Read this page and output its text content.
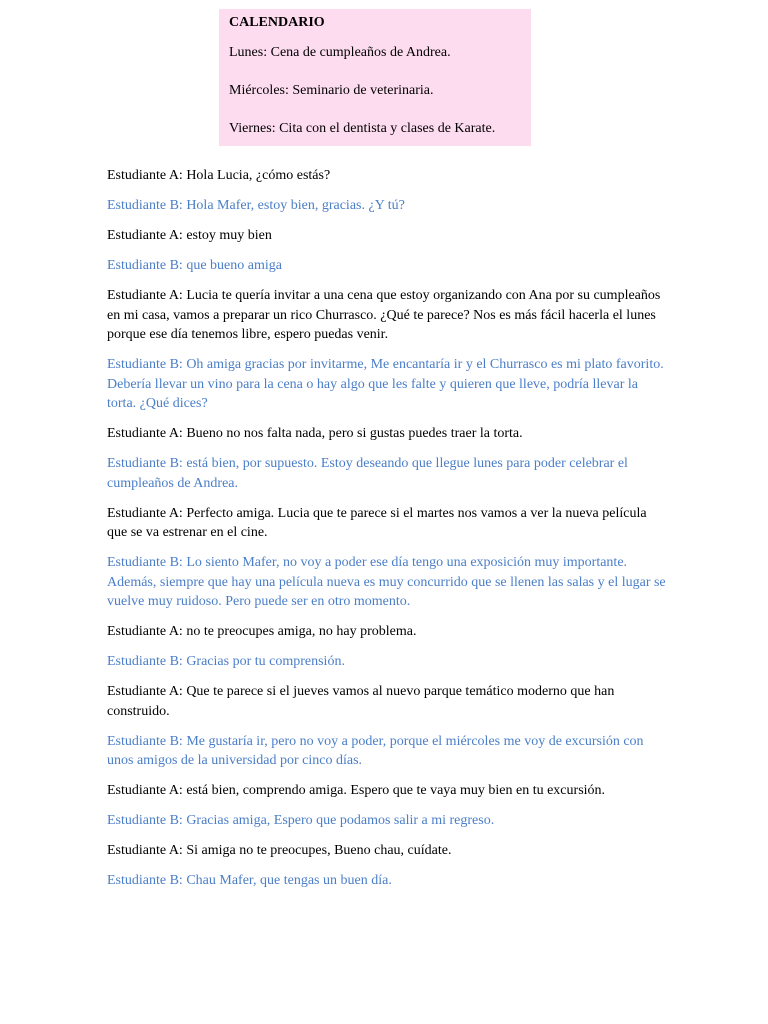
CALENDARIO
Lunes: Cena de cumpleaños de Andrea.
Miércoles: Seminario de veterinaria.
Viernes: Cita con el dentista y clases de Karate.

Estudiante A: Hola Lucia, ¿cómo estás?

Estudiante B: Hola Mafer, estoy bien, gracias. ¿Y tú?

Estudiante A: estoy muy bien

Estudiante B: que bueno amiga

Estudiante A: Lucia te quería invitar a una cena que estoy organizando con Ana por su cumpleaños en mi casa, vamos a preparar un rico Churrasco. ¿Qué te parece? Nos es más fácil hacerla el lunes porque ese día tenemos libre, espero puedas venir.

Estudiante B: Oh amiga gracias por invitarme, Me encantaría ir y el Churrasco es mi plato favorito. Debería llevar un vino para la cena o hay algo que les falte y quieren que lleve, podría llevar la torta. ¿Qué dices?

Estudiante A: Bueno no nos falta nada, pero si gustas puedes traer la torta.

Estudiante B: está bien, por supuesto. Estoy deseando que llegue lunes para poder celebrar el cumpleaños de Andrea.

Estudiante A: Perfecto amiga. Lucia que te parece si el martes nos vamos a ver la nueva película que se va estrenar en el cine.

Estudiante B: Lo siento Mafer, no voy a poder ese día tengo una exposición muy importante. Además, siempre que hay una película nueva es muy concurrido que se llenen las salas y el lugar se vuelve muy ruidoso. Pero puede ser en otro momento.

Estudiante A: no te preocupes amiga, no hay problema.

Estudiante B: Gracias por tu comprensión.

Estudiante A: Que te parece si el jueves vamos al nuevo parque temático moderno que han construido.

Estudiante B: Me gustaría ir, pero no voy a poder, porque el miércoles me voy de excursión con unos amigos de la universidad por cinco días.

Estudiante A: está bien, comprendo amiga. Espero que te vaya muy bien en tu excursión.

Estudiante B: Gracias amiga, Espero que podamos salir a mi regreso.

Estudiante A: Si amiga no te preocupes, Bueno chau, cuídate.

Estudiante B: Chau Mafer, que tengas un buen día.
